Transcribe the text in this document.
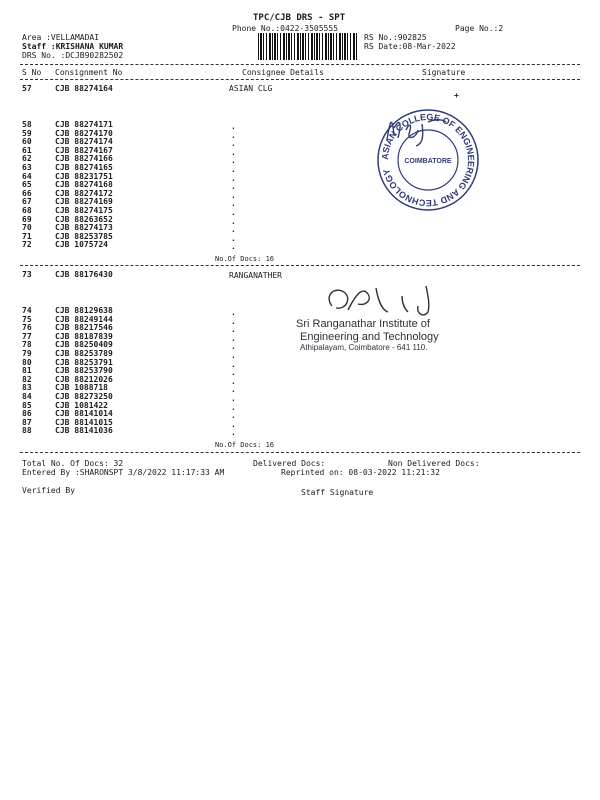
TPC/CJB DRS - SPT
Phone No.:0422-3505555	Page No.:2
Area :VELLAMADAI
Staff :KRISHANA KUMAR
DRS No. :DCJB90282502
RS No.:902825
RS Date:08-Mar-2022
S No Consignment No	Consignee Details	Signature
57	CJB 88274164	ASIAN CLG
+
58	CJB 88274171	.
59	CJB 88274170	.
60	CJB 88274174	.
61	CJB 88274167	.
62	CJB 88274166	.
63	CJB 88274165	.
64	CJB 88231751	.
65	CJB 88274168	.
66	CJB 88274172	.
67	CJB 88274169	.
68	CJB 88274175	.
69	CJB 88263652	.
70	CJB 88274173	.
71	CJB 88253785	.
72	CJB 1075724	.
No.Of Docs: 16
73	CJB 88176430	RANGANATHER
74	CJB 88129638	.
75	CJB 88249144	.
76	CJB 88217546	.
77	CJB 88187839	.
78	CJB 88250409	.
79	CJB 88253789	.
80	CJB 88253791	.
81	CJB 88253790	.
82	CJB 88212026	.
83	CJB 1088718	.
84	CJB 88273250	.
85	CJB 1081422	.
86	CJB 88141014	.
87	CJB 88141015	.
88	CJB 88141036	.
No.Of Docs: 16
ASIAN COLLEGE OF ENGINEERING AND TECHNOLOGY
COIMBATORE
Sri Ranganathar Institute of
Engineering and Technology
Athipalayam, Coimbatore - 641 110.
Total No. Of Docs: 32	Delivered Docs:	Non Delivered Docs:
Entered By :SHARONSPT 3/8/2022 11:17:33 AM	Reprinted on: 08-03-2022 11:21:32
Verified By	Staff Signature
